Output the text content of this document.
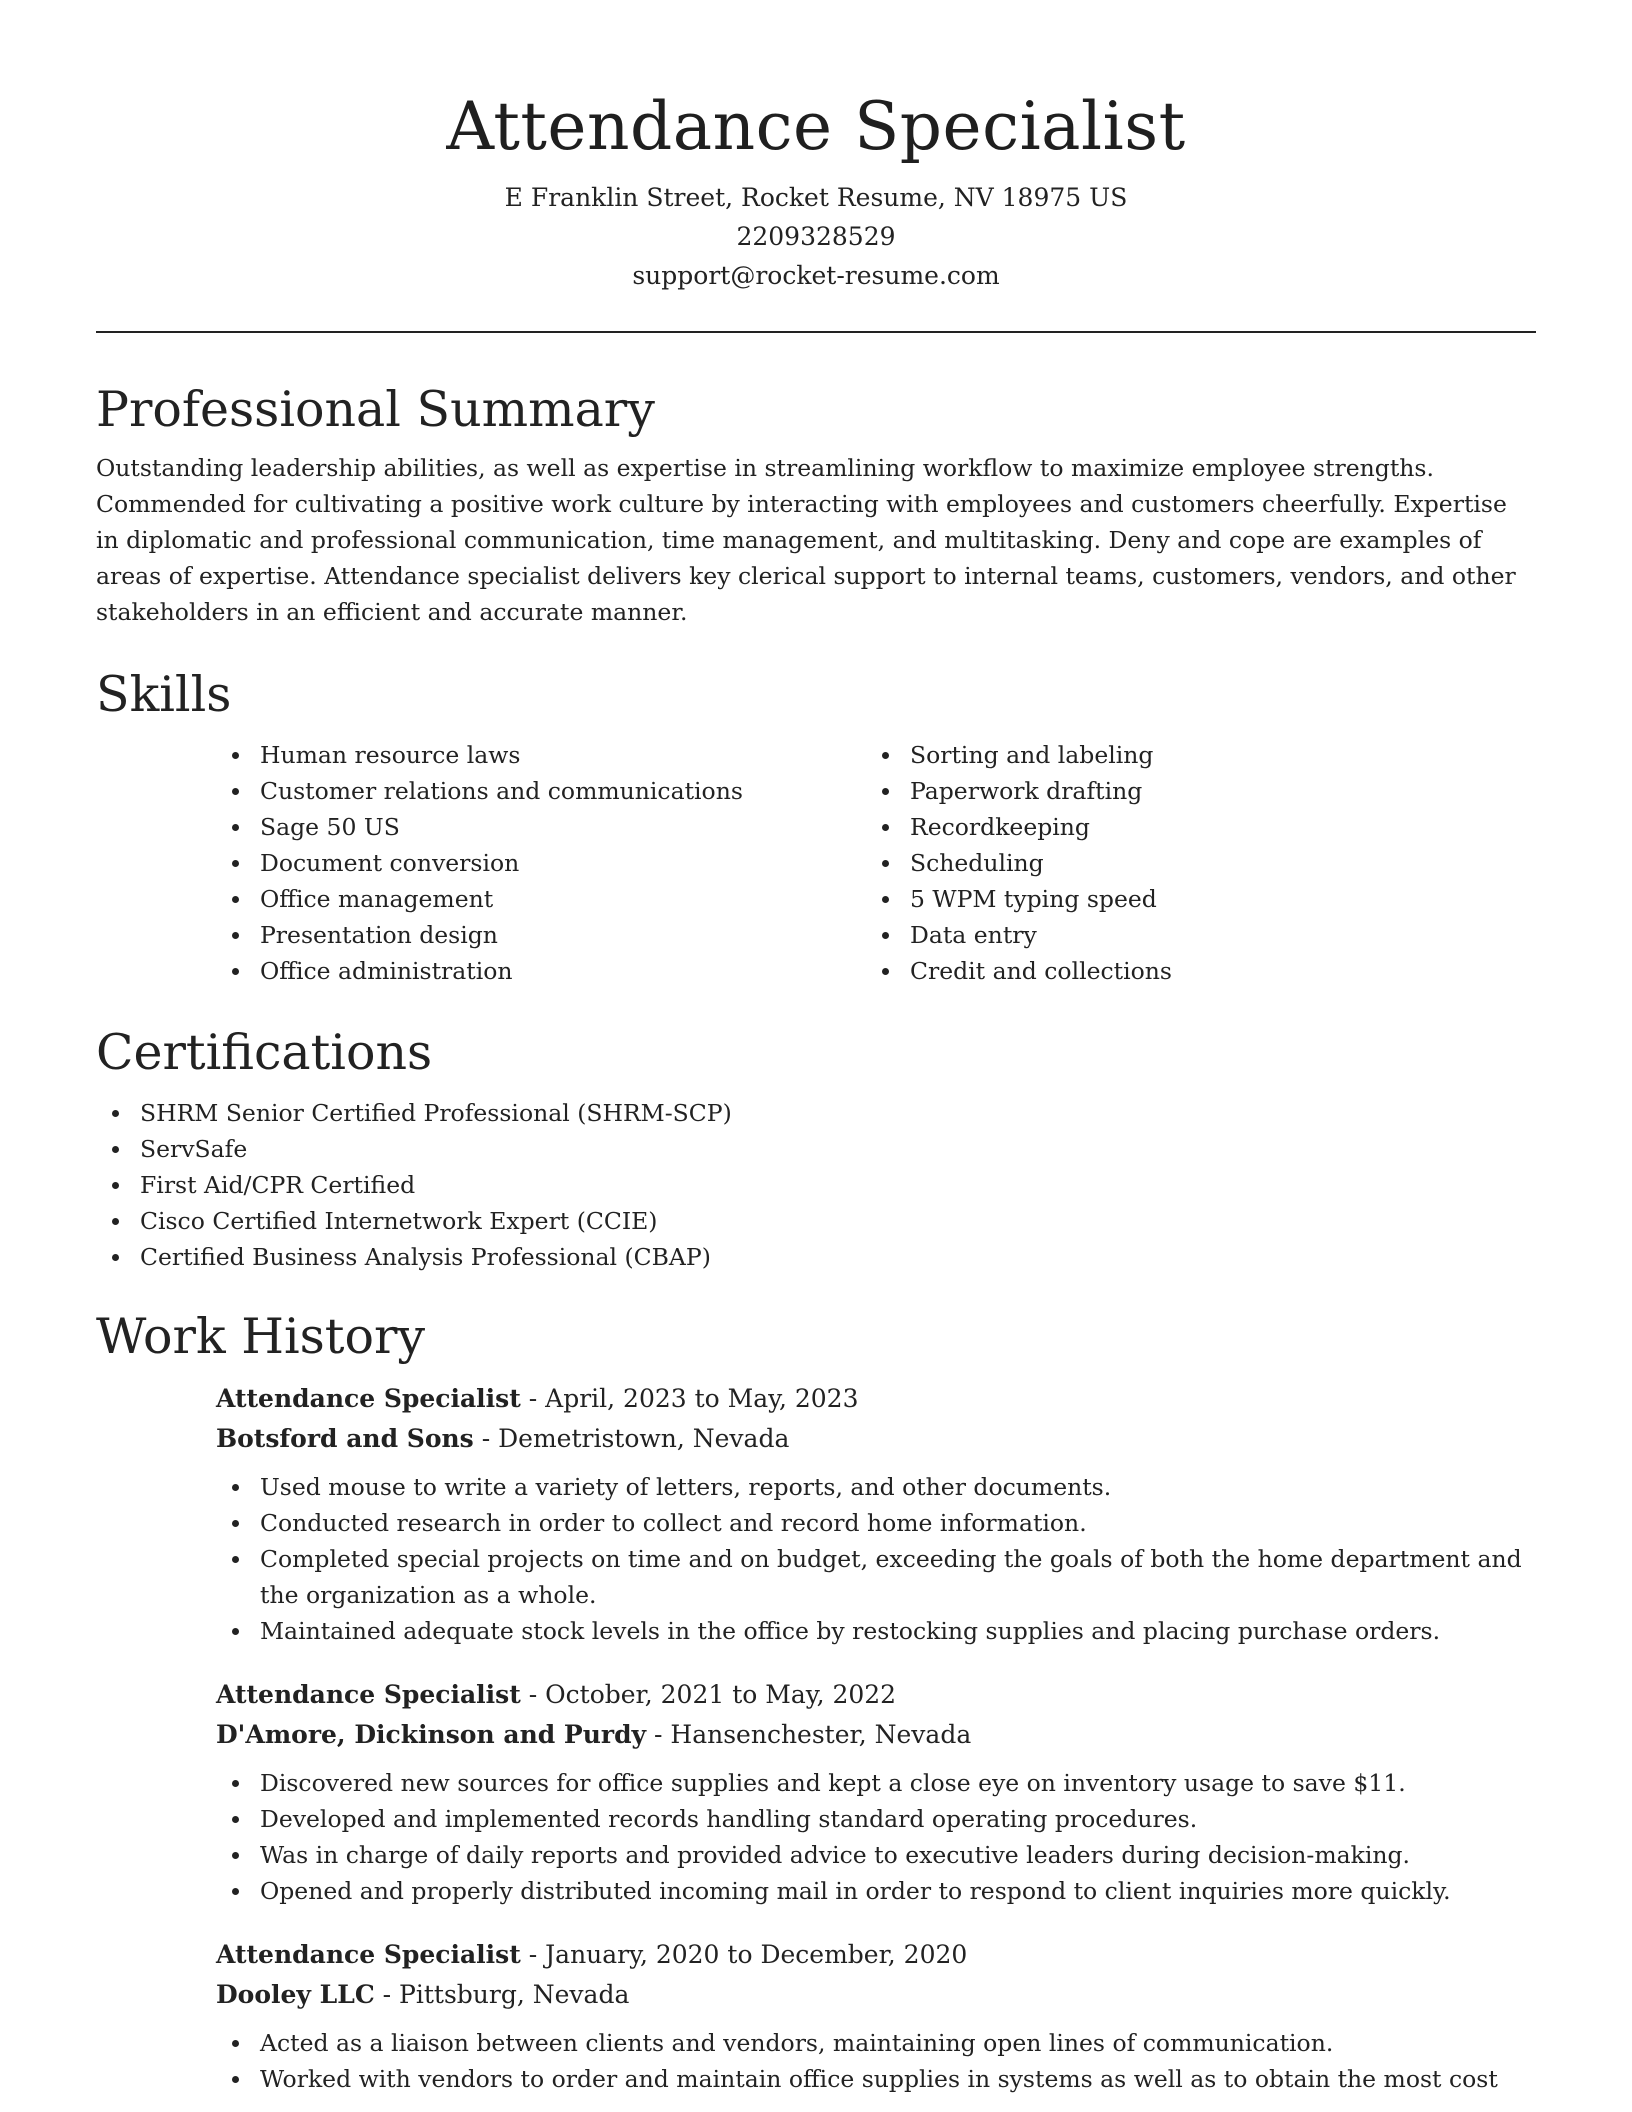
Attendance Specialist

E Franklin Street, Rocket Resume, NV 18975 US

2209328529

support@rocket-resume.com

Professional Summary

Outstanding leadership abilities, as well as expertise in streamlining workflow to maximize employee strengths. Commended for cultivating a positive work culture by interacting with employees and customers cheerfully. Expertise in diplomatic and professional communication, time management, and multitasking. Deny and cope are examples of areas of expertise. Attendance specialist delivers key clerical support to internal teams, customers, vendors, and other stakeholders in an efficient and accurate manner.

Skills
Human resource laws
Customer relations and communications
Sage 50 US
Document conversion
Office management
Presentation design
Office administration
Sorting and labeling
Paperwork drafting
Recordkeeping
Scheduling
5 WPM typing speed
Data entry
Credit and collections
Certifications
SHRM Senior Certified Professional (SHRM-SCP)
ServSafe
First Aid/CPR Certified
Cisco Certified Internetwork Expert (CCIE)
Certified Business Analysis Professional (CBAP)
Work History

Attendance Specialist - April, 2023 to May, 2023

Botsford and Sons - Demetristown, Nevada

Used mouse to write a variety of letters, reports, and other documents.
Conducted research in order to collect and record home information.
Completed special projects on time and on budget, exceeding the goals of both the home department and the organization as a whole.
Maintained adequate stock levels in the office by restocking supplies and placing purchase orders.

Attendance Specialist - October, 2021 to May, 2022

D'Amore, Dickinson and Purdy - Hansenchester, Nevada

Discovered new sources for office supplies and kept a close eye on inventory usage to save $11.
Developed and implemented records handling standard operating procedures.
Was in charge of daily reports and provided advice to executive leaders during decision-making.
Opened and properly distributed incoming mail in order to respond to client inquiries more quickly.

Attendance Specialist - January, 2020 to December, 2020

Dooley LLC - Pittsburg, Nevada

Acted as a liaison between clients and vendors, maintaining open lines of communication.
Worked with vendors to order and maintain office supplies in systems as well as to obtain the most cost
